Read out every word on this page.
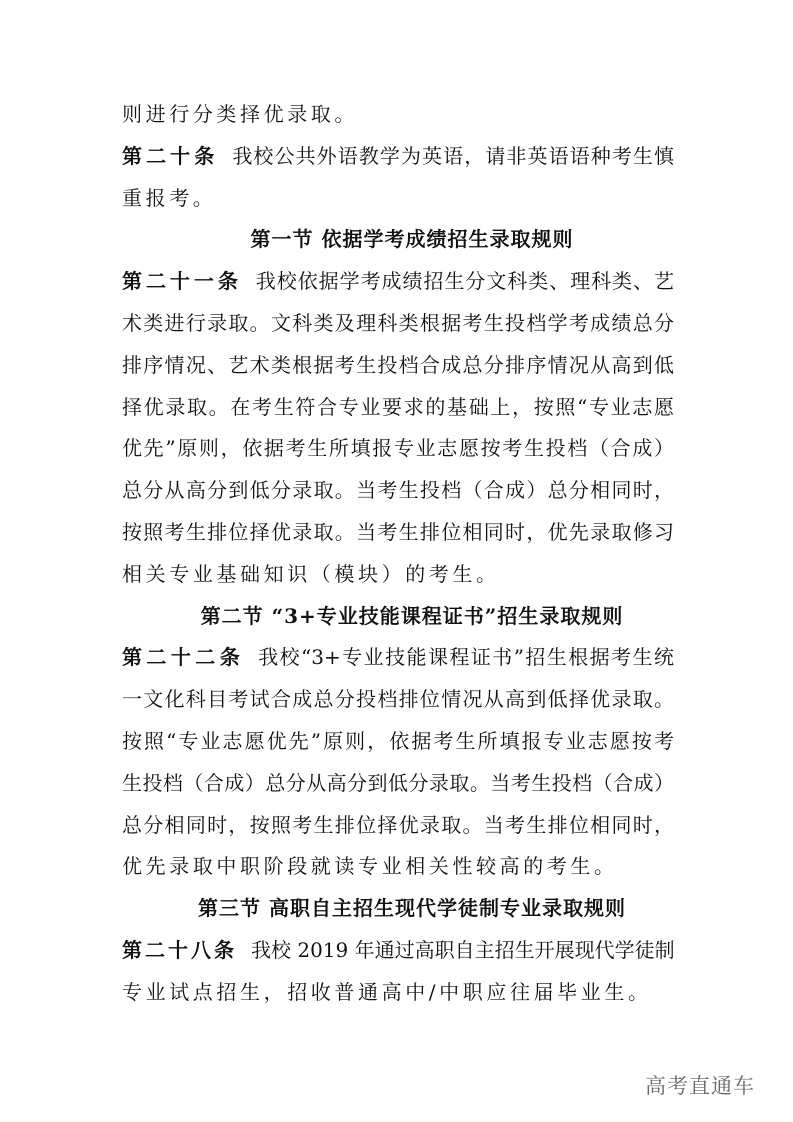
则进行分类择优录取。
第二十条 我校公共外语教学为英语，请非英语语种考生慎
重报考。
第一节 依据学考成绩招生录取规则
第二十一条 我校依据学考成绩招生分文科类、理科类、艺
术类进行录取。文科类及理科类根据考生投档学考成绩总分
排序情况、艺术类根据考生投档合成总分排序情况从高到低
择优录取。在考生符合专业要求的基础上，按照“专业志愿
优先”原则，依据考生所填报专业志愿按考生投档（合成）
总分从高分到低分录取。当考生投档（合成）总分相同时，
按照考生排位择优录取。当考生排位相同时，优先录取修习
相关专业基础知识（模块）的考生。
第二节 “3+专业技能课程证书”招生录取规则
第二十二条 我校“3+专业技能课程证书”招生根据考生统
一文化科目考试合成总分投档排位情况从高到低择优录取。
按照“专业志愿优先”原则，依据考生所填报专业志愿按考
生投档（合成）总分从高分到低分录取。当考生投档（合成）
总分相同时，按照考生排位择优录取。当考生排位相同时，
优先录取中职阶段就读专业相关性较高的考生。
第三节 高职自主招生现代学徒制专业录取规则
第二十八条 我校 2019 年通过高职自主招生开展现代学徒制
专业试点招生，招收普通高中/中职应往届毕业生。
高考直通车
